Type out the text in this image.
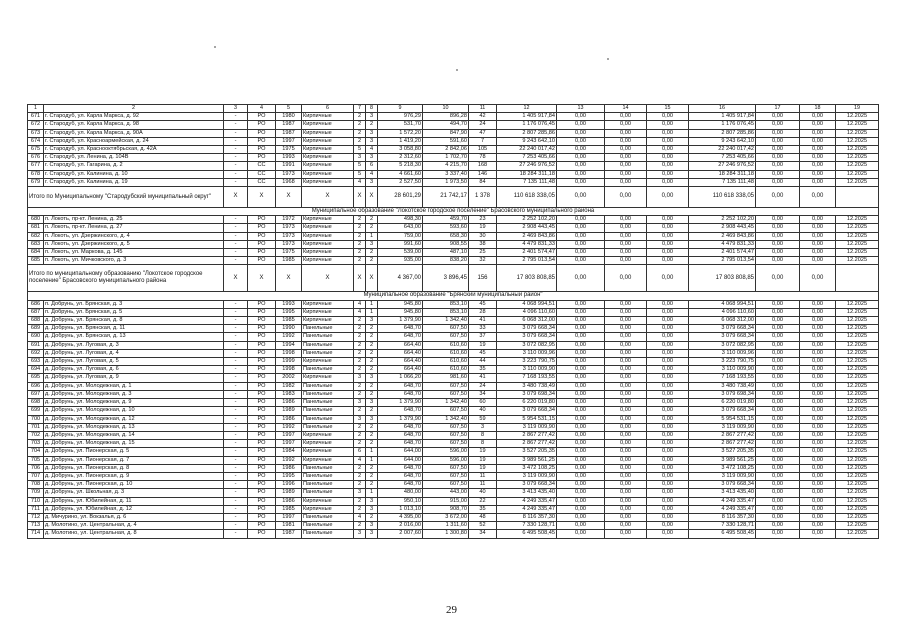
1	2	3	4	5	6	7	8	9	10	11	12	13	14	15	16	17	18	19
671	г. Стародуб, ул. Карла Маркса, д. 92	-	РО	1980	Кирпичные	2	3	976,29	896,28	42	1 405 917,84	0,00	0,00	0,00	1 405 917,84	0,00	0,00	12.2025
672	г. Стародуб, ул. Карла Маркса, д. 98	-	РО	1987	Кирпичные	2	2	531,70	494,70	24	1 176 076,45	0,00	0,00	0,00	1 176 076,45	0,00	0,00	12.2025
673	г. Стародуб, ул. Карла Маркса, д. 90А	-	РО	1987	Кирпичные	2	3	1 572,20	847,90	47	2 807 285,86	0,00	0,00	0,00	2 807 285,86	0,00	0,00	12.2025
674	г. Стародуб, ул. Красноармейская, д. 24	-	РО	1997	Кирпичные	2	3	1 419,20	591,60	7	9 243 642,10	0,00	0,00	0,00	9 243 642,10	0,00	0,00	12.2025
675	г. Стародуб, ул. Краснооктябрьская, д. 42А	-	РО	1975	Кирпичные	5	4	3 058,80	2 842,06	105	22 240 017,42	0,00	0,00	0,00	22 240 017,42	0,00	0,00	12.2025
676	г. Стародуб, ул. Ленина, д. 104В	-	РО	1993	Кирпичные	3	3	2 312,60	1 702,70	78	7 253 405,66	0,00	0,00	0,00	7 253 405,66	0,00	0,00	12.2025
677	г. Стародуб, ул. Гагарина, д. 2	-	СС	1991	Кирпичные	5	6	5 218,30	4 215,70	168	27 246 976,52	0,00	0,00	0,00	27 246 976,52	0,00	0,00	12.2025
678	г. Стародуб, ул. Калинина, д. 10	-	СС	1973	Кирпичные	5	4	4 661,60	3 337,40	146	18 284 311,18	0,00	0,00	0,00	18 284 311,18	0,00	0,00	12.2025
679	г. Стародуб, ул. Калинина, д. 19	-	СС	1968	Кирпичные	4	3	2 527,50	1 973,50	84	7 135 111,48	0,00	0,00	0,00	7 135 111,48	0,00	0,00	12.2025
Итого по Муниципальному "Стародубский муниципальный округ"		X	X	X	X	X	X	28 601,29	21 742,17	1 378	110 618 338,05	0,00	0,00	0,00	110 618 338,05	0,00	0,00	
Муниципальное образование "Локотское городское поселение" Брасовского муниципального района																		
680	п. Локоть, пр-кт. Ленина, д. 25	-	РО	1972	Кирпичные	2	2	498,30	459,70	23	2 252 102,20	0,00	0,00	0,00	2 252 102,20	0,00	0,00	12.2025
681	п. Локоть, пр-кт. Ленина, д. 27	-	РО	1973	Кирпичные	2	2	643,00	593,60	19	2 908 443,45	0,00	0,00	0,00	2 908 443,45	0,00	0,00	12.2025
682	п. Локоть, ул. Дзержинского, д. 4	-	РО	1973	Кирпичные	2	1	759,00	658,30	30	2 469 843,86	0,00	0,00	0,00	2 469 843,86	0,00	0,00	12.2025
683	п. Локоть, ул. Дзержинского, д. 5	-	РО	1973	Кирпичные	2	3	991,60	908,55	38	4 479 831,33	0,00	0,00	0,00	4 479 831,33	0,00	0,00	12.2025
684	п. Локоть, ул. Маркова, д. 145	-	РО	1975	Кирпичные	2	2	539,00	487,10	25	2 401 574,47	0,00	0,00	0,00	2 401 574,47	0,00	0,00	12.2025
685	п. Локоть, ул. Мичковского, д. 3	-	РО	1985	Кирпичные	2	2	935,00	838,20	32	2 795 013,54	0,00	0,00	0,00	2 795 013,54	0,00	0,00	12.2025
Итого по муниципальному образованию "Локотское городское поселение" Брасовского муниципального района		X	X	X	X	X	X	4 367,00	3 896,45	156	17 803 808,85	0,00	0,00	0,00	17 803 808,85	0,00	0,00	
Муниципальное образование "Брянский муниципальный район"																		
686	п. Добрунь, ул. Брянская, д. 3	-	РО	1993	Кирпичные	4	1	945,80	853,10	45	4 068 994,51	0,00	0,00	0,00	4 068 994,51	0,00	0,00	12.2025
687	п. Добрунь, ул. Брянская, д. 5	-	РО	1995	Кирпичные	4	1	945,80	853,10	28	4 096 110,60	0,00	0,00	0,00	4 096 110,60	0,00	0,00	12.2025
688	д. Добрунь, ул. Брянская, д. 8	-	РО	1985	Кирпичные	2	3	1 379,90	1 342,40	41	6 068 312,00	0,00	0,00	0,00	6 068 312,00	0,00	0,00	12.2025
689	д. Добрунь, ул. Брянская, д. 11	-	РО	1990	Панельные	2	2	648,70	607,50	33	3 079 668,34	0,00	0,00	0,00	3 079 668,34	0,00	0,00	12.2025
690	д. Добрунь, ул. Брянская, д. 13	-	РО	1992	Панельные	2	2	648,70	607,50	37	3 079 668,34	0,00	0,00	0,00	3 079 668,34	0,00	0,00	12.2025
691	д. Добрунь, ул. Луговая, д. 3	-	РО	1994	Панельные	2	2	664,40	610,60	19	3 072 082,95	0,00	0,00	0,00	3 072 082,95	0,00	0,00	12.2025
692	д. Добрунь, ул. Луговая, д. 4	-	РО	1998	Панельные	2	2	664,40	610,60	45	3 110 009,96	0,00	0,00	0,00	3 110 009,96	0,00	0,00	12.2025
693	д. Добрунь, ул. Луговая, д. 5	-	РО	1999	Кирпичные	2	2	664,40	610,60	44	3 223 790,75	0,00	0,00	0,00	3 223 790,75	0,00	0,00	12.2025
694	д. Добрунь, ул. Луговая, д. 6	-	РО	1998	Панельные	2	2	664,40	610,60	35	3 110 009,90	0,00	0,00	0,00	3 110 009,90	0,00	0,00	12.2025
695	д. Добрунь, ул. Луговая, д. 9	-	РО	2002	Кирпичные	3	3	1 066,20	981,60	41	7 168 193,55	0,00	0,00	0,00	7 168 193,55	0,00	0,00	12.2025
696	д. Добрунь, ул. Молодежная, д. 1	-	РО	1982	Панельные	2	2	648,70	607,50	24	3 480 738,49	0,00	0,00	0,00	3 480 738,49	0,00	0,00	12.2025
697	д. Добрунь, ул. Молодежная, д. 3	-	РО	1983	Панельные	2	2	648,70	607,50	34	3 079 698,34	0,00	0,00	0,00	3 079 698,34	0,00	0,00	12.2025
698	д. Добрунь, ул. Молодежная, д. 9	-	РО	1986	Панельные	3	3	1 379,90	1 342,40	60	6 220 019,80	0,00	0,00	0,00	6 220 019,80	0,00	0,00	12.2025
699	д. Добрунь, ул. Молодежная, д. 10	-	РО	1989	Панельные	2	2	648,70	607,50	40	3 079 668,34	0,00	0,00	0,00	3 079 668,34	0,00	0,00	12.2025
700	д. Добрунь, ул. Молодежная, д. 12	-	РО	1986	Панельные	3	3	1 379,90	1 342,40	59	5 954 531,15	0,00	0,00	0,00	5 954 531,15	0,00	0,00	12.2025
701	д. Добрунь, ул. Молодежная, д. 13	-	РО	1992	Панельные	2	2	648,70	607,50	3	3 119 009,90	0,00	0,00	0,00	3 119 009,90	0,00	0,00	12.2025
702	д. Добрунь, ул. Молодежная, д. 14	-	РО	1997	Кирпичные	2	2	648,70	607,50	8	2 867 277,42	0,00	0,00	0,00	2 867 277,42	0,00	0,00	12.2025
703	д. Добрунь, ул. Молодежная, д. 15	-	РО	1997	Кирпичные	2	2	648,70	607,50	8	2 867 277,42	0,00	0,00	0,00	2 867 277,42	0,00	0,00	12.2025
704	д. Добрунь, ул. Пионерская, д. 5	-	РО	1984	Кирпичные	6	1	644,00	596,00	19	3 527 205,35	0,00	0,00	0,00	3 527 205,35	0,00	0,00	12.2025
705	д. Добрунь, ул. Пионерская, д. 7	-	РО	1992	Кирпичные	4	1	644,00	596,00	19	3 989 561,25	0,00	0,00	0,00	3 989 561,25	0,00	0,00	12.2025
706	д. Добрунь, ул. Пионерская, д. 8	-	РО	1986	Панельные	2	2	648,70	607,50	19	3 472 108,25	0,00	0,00	0,00	3 472 108,25	0,00	0,00	12.2025
707	д. Добрунь, ул. Пионерская, д. 9	-	РО	1995	Панельные	2	2	648,70	607,50	11	3 119 009,90	0,00	0,00	0,00	3 119 009,90	0,00	0,00	12.2025
708	д. Добрунь, ул. Пионерская, д. 10	-	РО	1996	Панельные	2	2	648,70	607,50	11	3 079 668,34	0,00	0,00	0,00	3 079 668,34	0,00	0,00	12.2025
709	д. Добрунь, ул. Школьная, д. 3	-	РО	1989	Панельные	3	1	480,00	443,00	40	3 413 435,40	0,00	0,00	0,00	3 413 435,40	0,00	0,00	12.2025
710	д. Добрунь, ул. Юбилейная, д. 11	-	РО	1986	Кирпичные	2	3	950,10	915,00	22	4 249 335,47	0,00	0,00	0,00	4 249 335,47	0,00	0,00	12.2025
711	д. Добрунь, ул. Юбилейная, д. 12	-	РО	1985	Кирпичные	2	3	1 013,10	908,70	35	4 249 335,47	0,00	0,00	0,00	4 249 335,47	0,00	0,00	12.2025
712	д. Мичурино, ул. Вокзалья, д. 6	-	РО	1997	Панельные	4	2	4 395,00	3 672,00	48	8 116 357,30	0,00	0,00	0,00	8 116 357,30	0,00	0,00	12.2025
713	д. Молотино, ул. Центральная, д. 4	-	РО	1981	Панельные	2	3	2 016,00	1 311,60	52	7 330 128,71	0,00	0,00	0,00	7 330 128,71	0,00	0,00	12.2025
714	д. Молотино, ул. Центральная, д. 8	-	РО	1987	Панельные	3	3	2 007,60	1 300,80	34	6 495 508,45	0,00	0,00	0,00	6 495 508,45	0,00	0,00	12.2025
29
